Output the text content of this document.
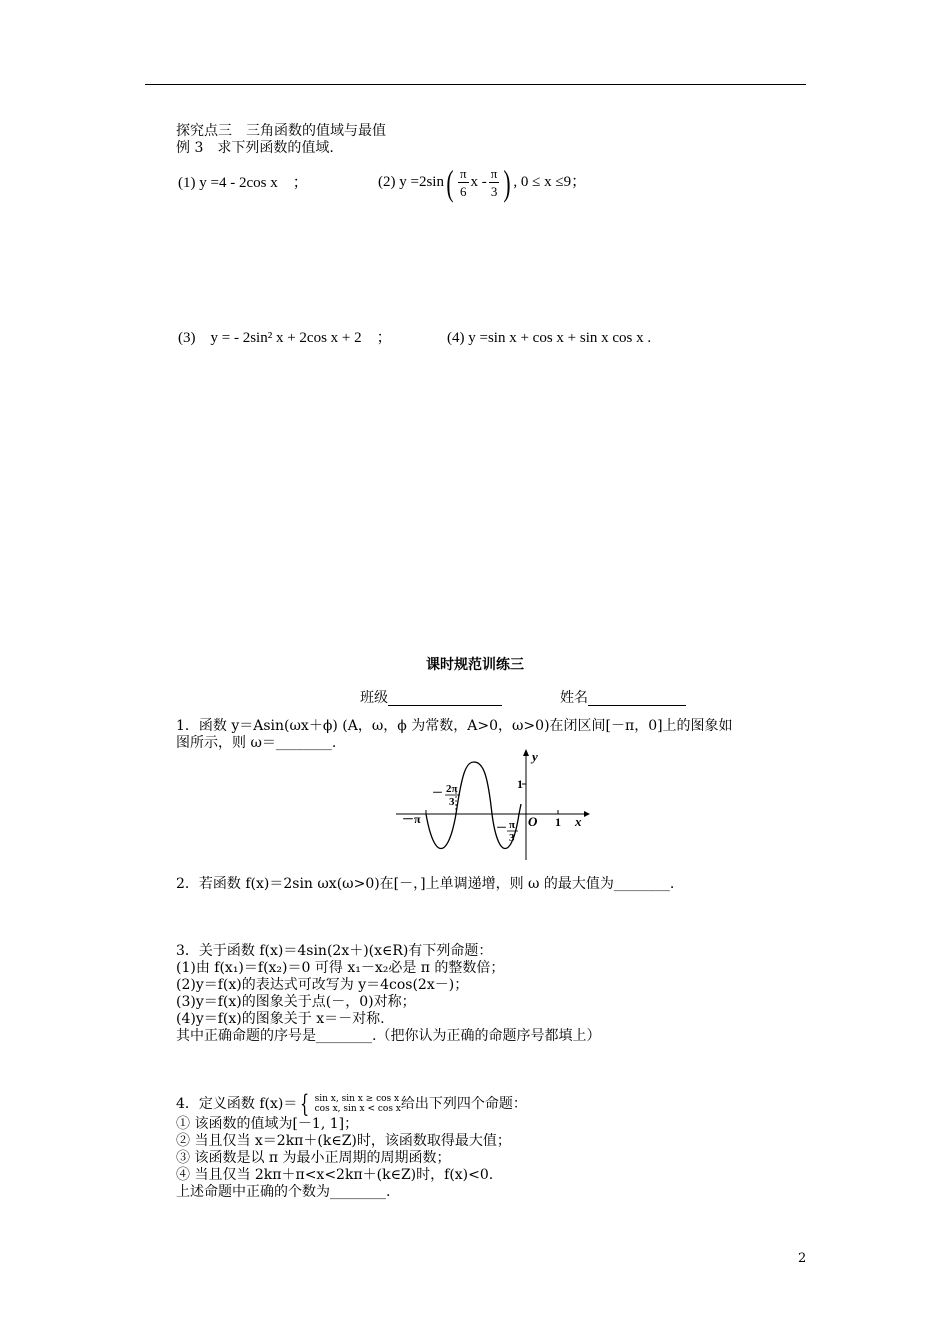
探究点三　三角函数的值域与最值
例 3　求下列函数的值域.
(1) y =4 - 2cos x　；	(2) $y =2\sin( \frac{\pi}{6}$ x - $\frac{\pi}{3}$ ) , 0 ≤ x ≤9；
(3)　y = - 2sin² x + 2cos x + 2　；	(4) y =sin x + cos x + sin x cos x .
课时规范训练三
班级	姓名
1．函数 y＝Asin(ωx＋ϕ) (A，ω，ϕ 为常数，A>0，ω>0)在闭区间[－π，0]上的图象如
图所示，则 ω＝________.
y
x
O
1
1
－π
－ 2π
3
－ π
3
2．若函数 f(x)＝2sin ωx(ω>0)在[－，]上单调递增，则 ω 的最大值为________.
3．关于函数 f(x)＝4sin(2x＋)(x∈R)有下列命题：
(1)由 f(x₁)＝f(x₂)＝0 可得 x₁－x₂必是 π 的整数倍；
(2)y＝f(x)的表达式可改写为 y＝4cos(2x－)；
(3)y＝f(x)的图象关于点(－，0)对称；
(4)y＝f(x)的图象关于 x＝－对称.
其中正确命题的序号是________.（把你认为正确的命题序号都填上）
4．定义函数 f(x)＝ { sin x, sin x ≥ cos x
cos x, sin x < cos x 给出下列四个命题：
① 该函数的值域为[－1, 1]；
② 当且仅当 x＝2kπ＋(k∈Z)时，该函数取得最大值；
③ 该函数是以 π 为最小正周期的周期函数；
④ 当且仅当 2kπ＋π<x<2kπ＋(k∈Z)时，f(x)<0.
上述命题中正确的个数为________.
2
